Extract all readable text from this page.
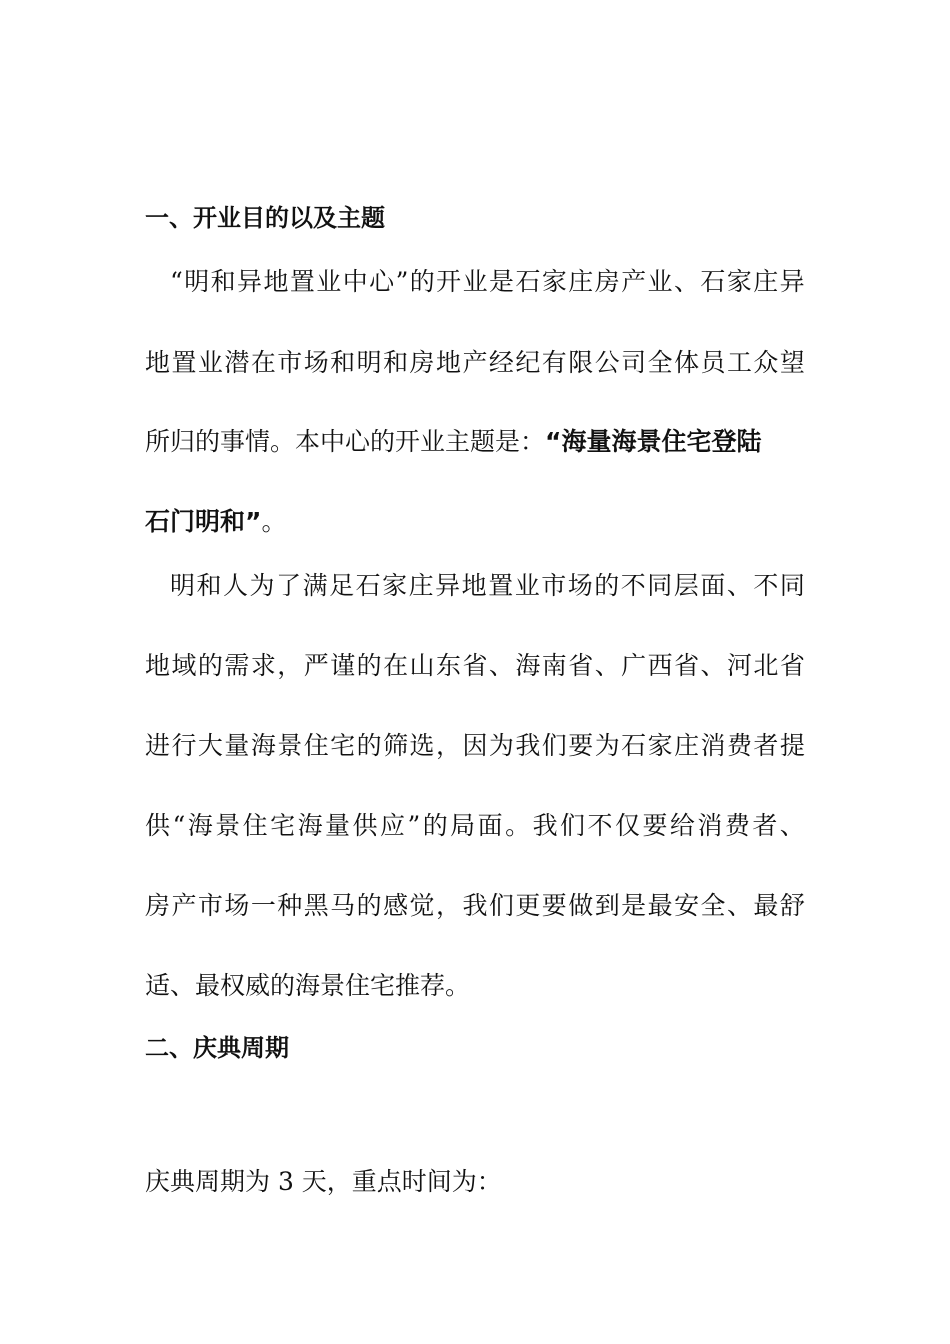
一、开业目的以及主题
“ 明 和 异 地 置 业 中 心 ” 的 开 业 是 石 家 庄 房 产 业 、 石 家 庄 异
地 置 业 潜 在 市 场 和 明 和 房 地 产 经 纪 有 限 公 司 全 体 员 工 众 望
所归的事情。本中心的开业主题是：“海量海景住宅登陆
石门明和”。
明 和 人 为 了 满 足 石 家 庄 异 地 置 业 市 场 的 不 同 层 面 、 不 同
地 域 的 需 求 ， 严 谨 的 在 山 东 省 、 海 南 省 、 广 西 省 、 河 北 省
进 行 大 量 海 景 住 宅 的 筛 选 ， 因 为 我 们 要 为 石 家 庄 消 费 者 提
供 “ 海 景 住 宅 海 量 供 应 ” 的 局 面 。 我 们 不 仅 要 给 消 费 者 、
房 产 市 场 一 种 黑 马 的 感 觉 ， 我 们 更 要 做 到 是 最 安 全 、 最 舒
适、最权威的海景住宅推荐。
二、庆典周期
庆典周期为 3 天，重点时间为：
